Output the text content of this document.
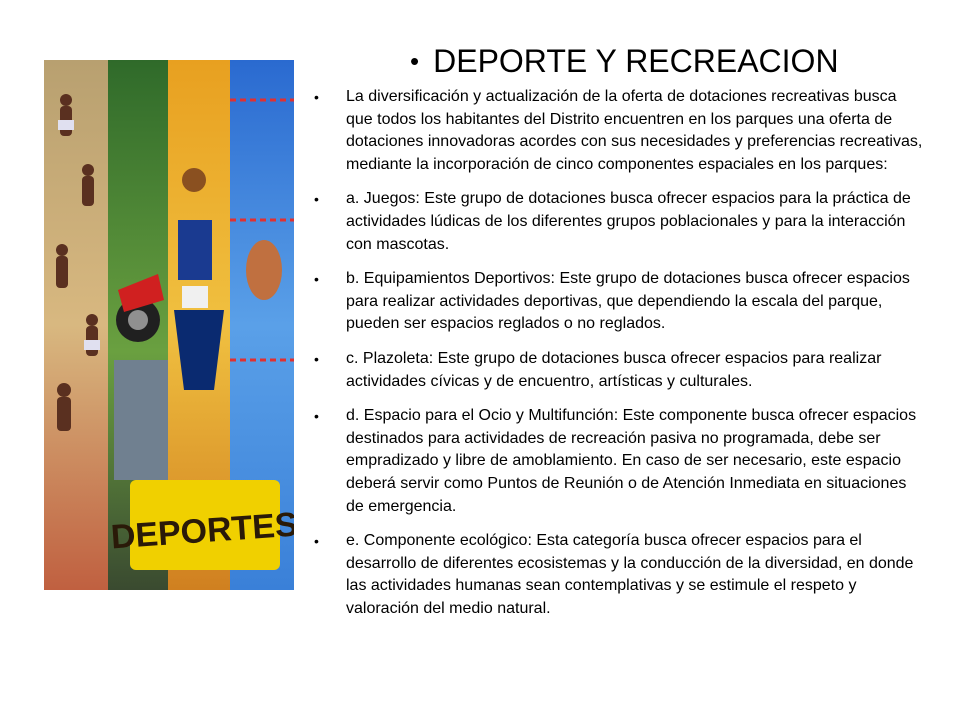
DEPORTES
• DEPORTE Y RECREACION
• La diversificación y actualización de la oferta de dotaciones recreativas busca que todos los habitantes del Distrito encuentren en los parques una oferta de dotaciones innovadoras acordes con sus necesidades y preferencias recreativas, mediante la incorporación de cinco componentes espaciales en los parques:
• a. Juegos: Este grupo de dotaciones busca ofrecer espacios para la práctica de actividades lúdicas de los diferentes grupos poblacionales y para la interacción con mascotas.
• b. Equipamientos Deportivos: Este grupo de dotaciones busca ofrecer espacios para realizar actividades deportivas, que dependiendo la escala del parque, pueden ser espacios reglados o no reglados.
• c. Plazoleta: Este grupo de dotaciones busca ofrecer espacios para realizar actividades cívicas y de encuentro, artísticas y culturales.
• d. Espacio para el Ocio y Multifunción: Este componente busca ofrecer espacios destinados para actividades de recreación pasiva no programada, debe ser empradizado y libre de amoblamiento. En caso de ser necesario, este espacio deberá servir como Puntos de Reunión o de Atención Inmediata en situaciones de emergencia.
• e. Componente ecológico: Esta categoría busca ofrecer espacios para el desarrollo de diferentes ecosistemas y la conducción de la diversidad, en donde las actividades humanas sean contemplativas y se estimule el respeto y valoración del medio natural.
